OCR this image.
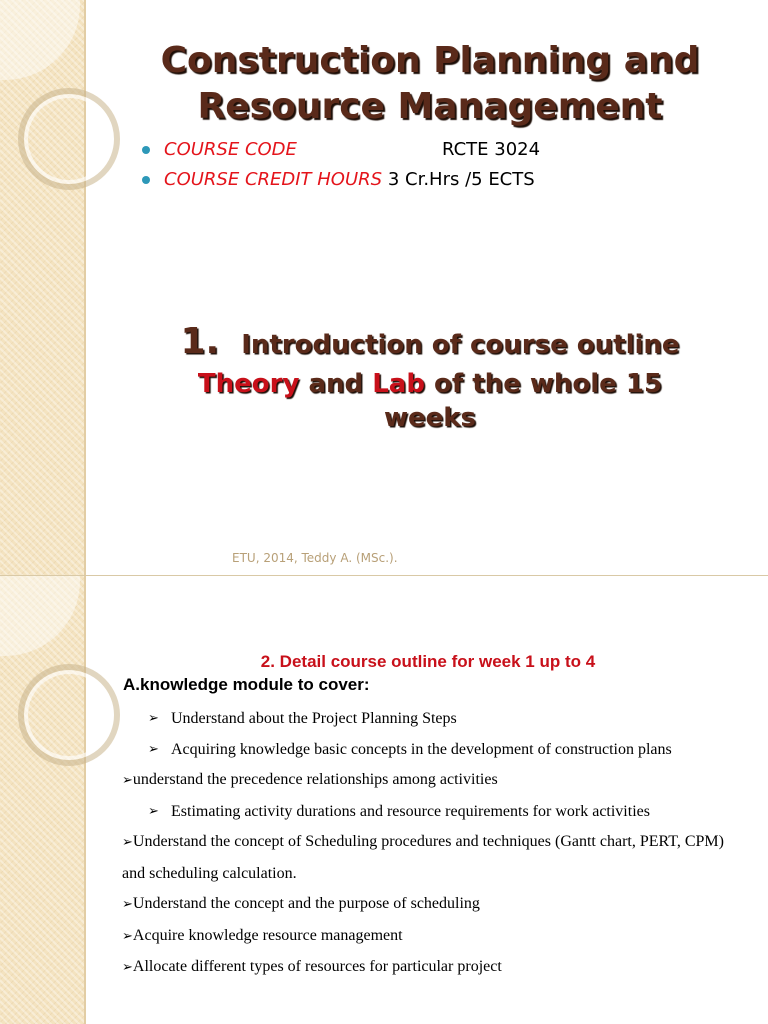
Construction Planning and Resource Management
COURSE CODE	RCTE 3024
COURSE CREDIT HOURS 3 Cr.Hrs /5 ECTS
1. Introduction of course outline
Theory and Lab of the whole 15
weeks
ETU, 2014, Teddy A. (MSc.).
2. Detail course outline for week 1 up to 4
A.knowledge module to cover:
➢ Understand about the Project Planning Steps
➢ Acquiring knowledge basic concepts in the development of construction plans
➢understand the precedence relationships among activities
➢ Estimating activity durations and resource requirements for work activities
➢Understand the concept of Scheduling procedures and techniques (Gantt chart, PERT, CPM) and scheduling calculation.
➢Understand the concept and the purpose of scheduling
➢Acquire knowledge resource management
➢Allocate different types of resources for particular project
